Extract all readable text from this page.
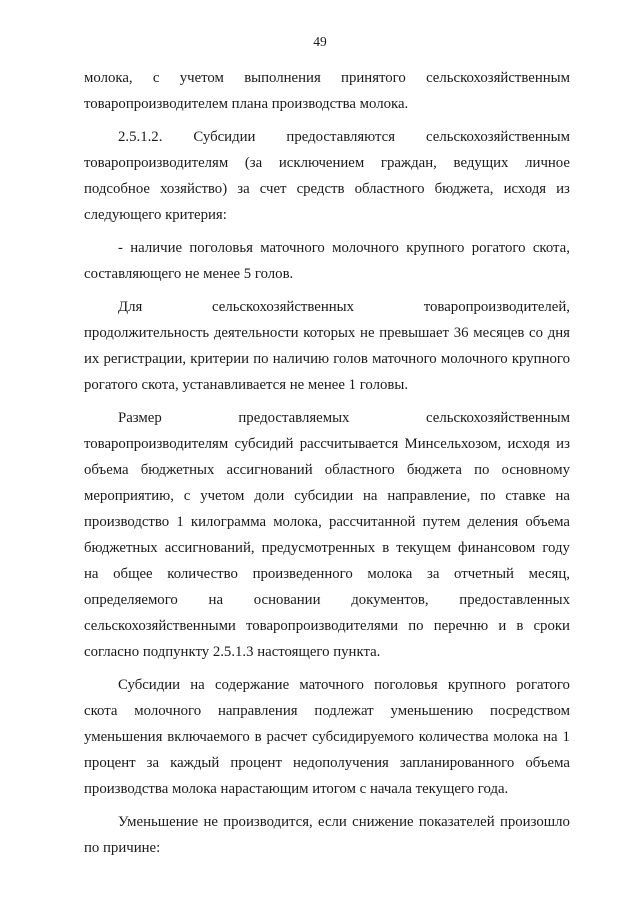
49
молока, с учетом выполнения принятого сельскохозяйственным
товаропроизводителем плана производства молока.
2.5.1.2. Субсидии предоставляются сельскохозяйственным
товаропроизводителям (за исключением граждан, ведущих личное
подсобное хозяйство) за счет средств областного бюджета, исходя из
следующего критерия:
- наличие поголовья маточного молочного крупного рогатого скота,
составляющего не менее 5 голов.
Для	сельскохозяйственных	товаропроизводителей,
продолжительность деятельности которых не превышает 36 месяцев со дня
их регистрации, критерии по наличию голов маточного молочного крупного
рогатого скота, устанавливается не менее 1 головы.
Размер	предоставляемых	сельскохозяйственным
товаропроизводителям субсидий рассчитывается Минсельхозом, исходя из
объема бюджетных ассигнований областного бюджета по основному
мероприятию, с учетом доли субсидии на направление, по ставке на
производство 1 килограмма молока, рассчитанной путем деления объема
бюджетных ассигнований, предусмотренных в текущем финансовом году
на общее количество произведенного молока за отчетный месяц,
определяемого на основании документов, предоставленных
сельскохозяйственными товаропроизводителями по перечню и в сроки
согласно подпункту 2.5.1.3 настоящего пункта.
Субсидии на содержание маточного поголовья крупного рогатого
скота молочного направления подлежат уменьшению посредством
уменьшения включаемого в расчет субсидируемого количества молока на 1
процент за каждый процент недополучения запланированного объема
производства молока нарастающим итогом с начала текущего года.
Уменьшение не производится, если снижение показателей произошло
по причине:
